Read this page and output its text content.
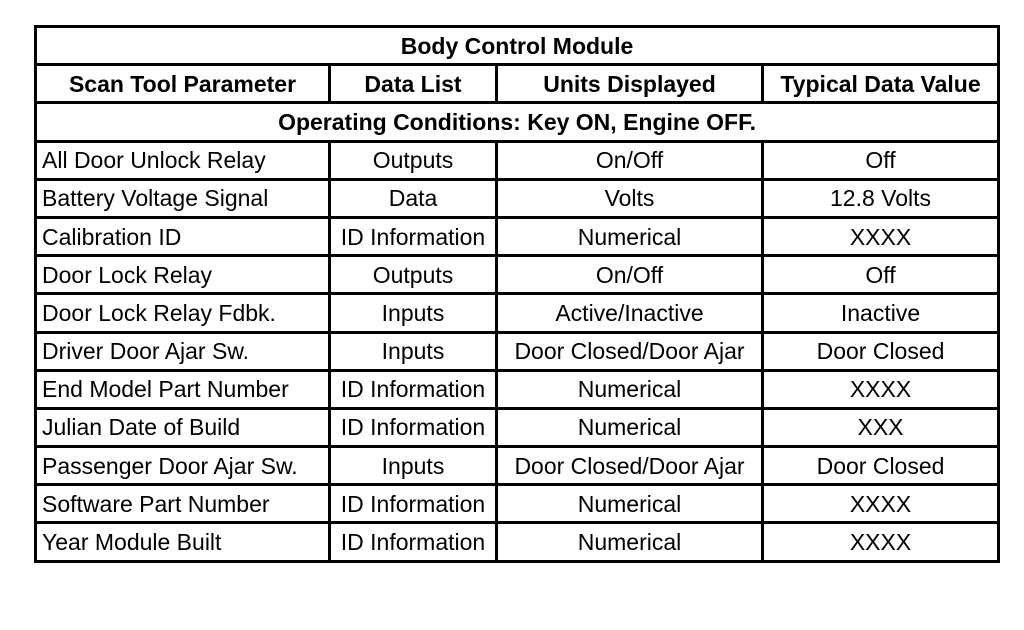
Body Control Module			
Scan Tool Parameter	Data List	Units Displayed	Typical Data Value
Operating Conditions: Key ON, Engine OFF.			
All Door Unlock Relay	Outputs	On/Off	Off
Battery Voltage Signal	Data	Volts	12.8 Volts
Calibration ID	ID Information	Numerical	XXXX
Door Lock Relay	Outputs	On/Off	Off
Door Lock Relay Fdbk.	Inputs	Active/Inactive	Inactive
Driver Door Ajar Sw.	Inputs	Door Closed/Door Ajar	Door Closed
End Model Part Number	ID Information	Numerical	XXXX
Julian Date of Build	ID Information	Numerical	XXX
Passenger Door Ajar Sw.	Inputs	Door Closed/Door Ajar	Door Closed
Software Part Number	ID Information	Numerical	XXXX
Year Module Built	ID Information	Numerical	XXXX
